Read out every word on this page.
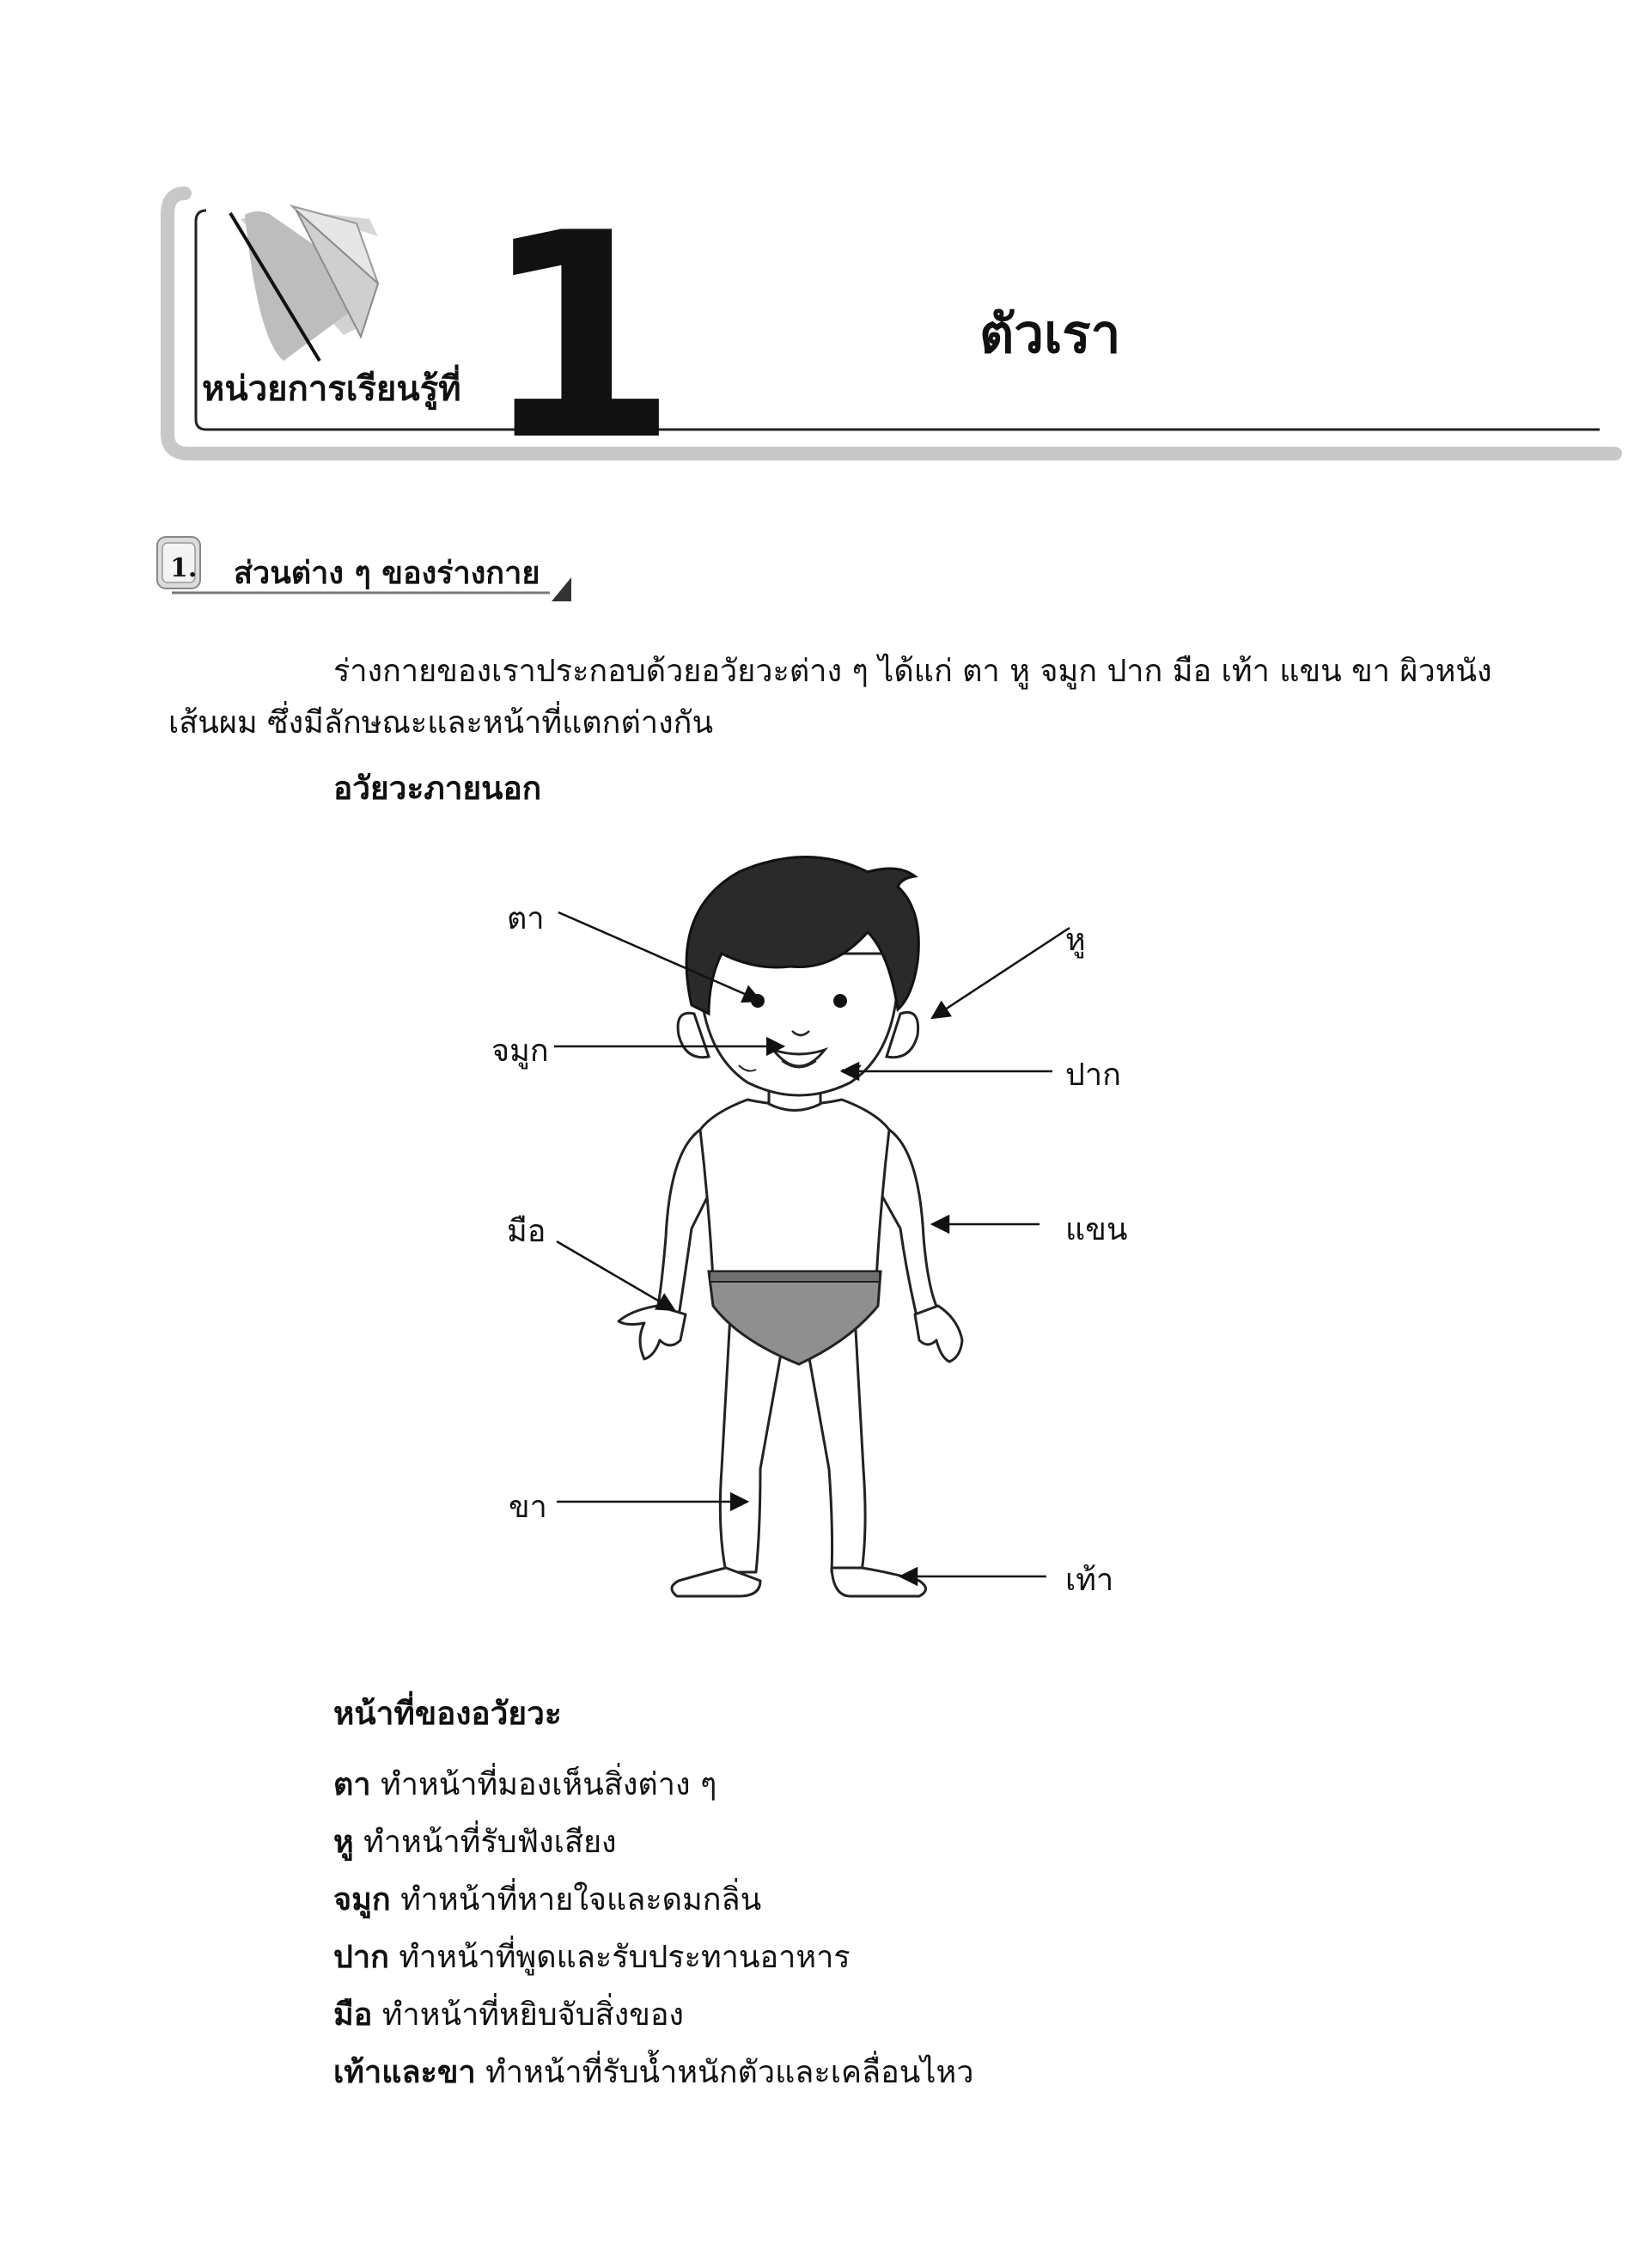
หน่วยการเรียนรู้ที่ 1	ตัวเรา
1. ส่วนต่าง ๆ ของร่างกาย
ร่างกายของเราประกอบด้วยอวัยวะต่าง ๆ ได้แก่ ตา หู จมูก ปาก มือ เท้า แขน ขา ผิวหนัง
เส้นผม ซึ่งมีลักษณะและหน้าที่แตกต่างกัน
อวัยวะภายนอก
ตา
หู
จมูก
ปาก
มือ	แขน
ขา
เท้า
หน้าที่ของอวัยวะ
ตา ทำหน้าที่มองเห็นสิ่งต่าง ๆ
หู ทำหน้าที่รับฟังเสียง
จมูก ทำหน้าที่หายใจและดมกลิ่น
ปาก ทำหน้าที่พูดและรับประทานอาหาร
มือ ทำหน้าที่หยิบจับสิ่งของ
เท้าและขา ทำหน้าที่รับน้ำหนักตัวและเคลื่อนไหว
